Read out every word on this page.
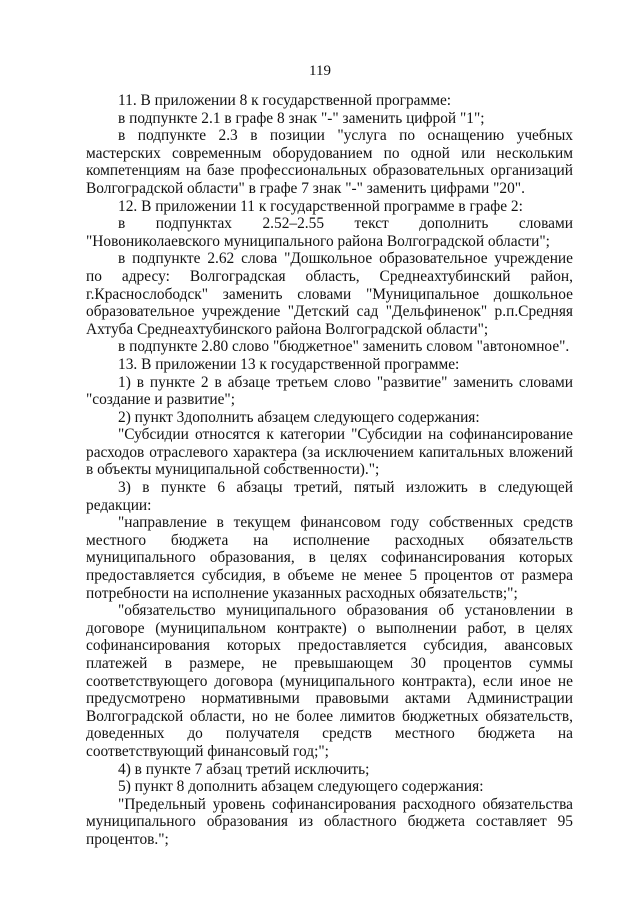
119

11. В приложении 8 к государственной программе:

в подпункте 2.1 в графе 8 знак "-" заменить цифрой "1";

в подпункте 2.3 в позиции "услуга по оснащению учебных мастерских современным оборудованием по одной или нескольким компетенциям на базе профессиональных образовательных организаций Волгоградской области" в графе 7 знак "-" заменить цифрами "20".

12. В приложении 11 к государственной программе в графе 2:

в подпунктах 2.52–2.55 текст дополнить словами "Новониколаевского муниципального района Волгоградской области";

в подпункте 2.62 слова "Дошкольное образовательное учреждение по адресу: Волгоградская область, Среднеахтубинский район, г.Краснослободск" заменить словами "Муниципальное дошкольное образовательное учреждение "Детский сад "Дельфиненок" р.п.Средняя Ахтуба Среднеахтубинского района Волгоградской области";

в подпункте 2.80 слово "бюджетное" заменить словом "автономное".

13. В приложении 13 к государственной программе:

1) в пункте 2 в абзаце третьем слово "развитие" заменить словами "создание и развитие";

2) пункт 3дополнить абзацем следующего содержания:

"Субсидии относятся к категории "Субсидии на софинансирование расходов отраслевого характера (за исключением капитальных вложений в объекты муниципальной собственности).";

3) в пункте 6 абзацы третий, пятый изложить в следующей редакции:

"направление в текущем финансовом году собственных средств местного бюджета на исполнение расходных обязательств муниципального образования, в целях софинансирования которых предоставляется субсидия, в объеме не менее 5 процентов от размера потребности на исполнение указанных расходных обязательств;";

"обязательство муниципального образования об установлении в договоре (муниципальном контракте) о выполнении работ, в целях софинансирования которых предоставляется субсидия, авансовых платежей в размере, не превышающем 30 процентов суммы соответствующего договора (муниципального контракта), если иное не предусмотрено нормативными правовыми актами Администрации Волгоградской области, но не более лимитов бюджетных обязательств, доведенных до получателя средств местного бюджета на соответствующий финансовый год;";

4) в пункте 7 абзац третий исключить;

5) пункт 8 дополнить абзацем следующего содержания:

"Предельный уровень софинансирования расходного обязательства муниципального образования из областного бюджета составляет 95 процентов.";
